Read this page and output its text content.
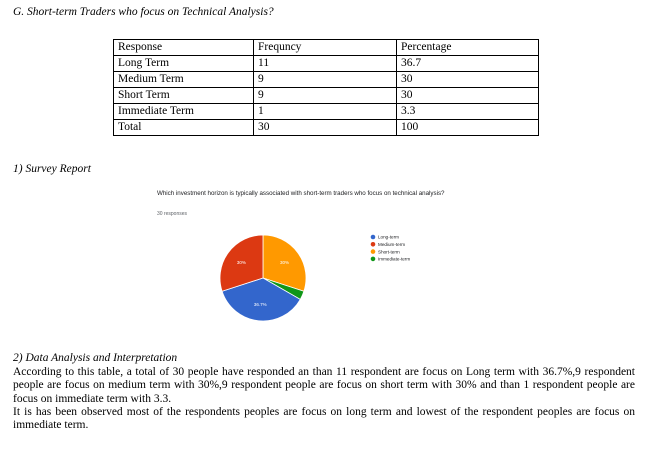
G. Short-term Traders who focus on Technical Analysis?
Response	Frequncy	Percentage
Long Term	11	36.7
Medium Term	9	30
Short Term	9	30
Immediate Term	1	3.3
Total	30	100
1) Survey Report
Which investment horizon is typically associated with short-term traders who focus on technical analysis?
30 responses
30%
36.7%
30%
Long-term
Medium-term
Short-term
Immediate-term
2) Data Analysis and Interpretation

According to this table, a total of 30 people have responded an than 11 respondent are focus on Long term with 36.7%,9 respondent people are focus on medium term with 30%,9 respondent people are focus on short term with 30% and than 1 respondent people are focus on immediate term with 3.3.

It is has been observed most of the respondents peoples are focus on long term and lowest of the respondent peoples are focus on immediate term.
